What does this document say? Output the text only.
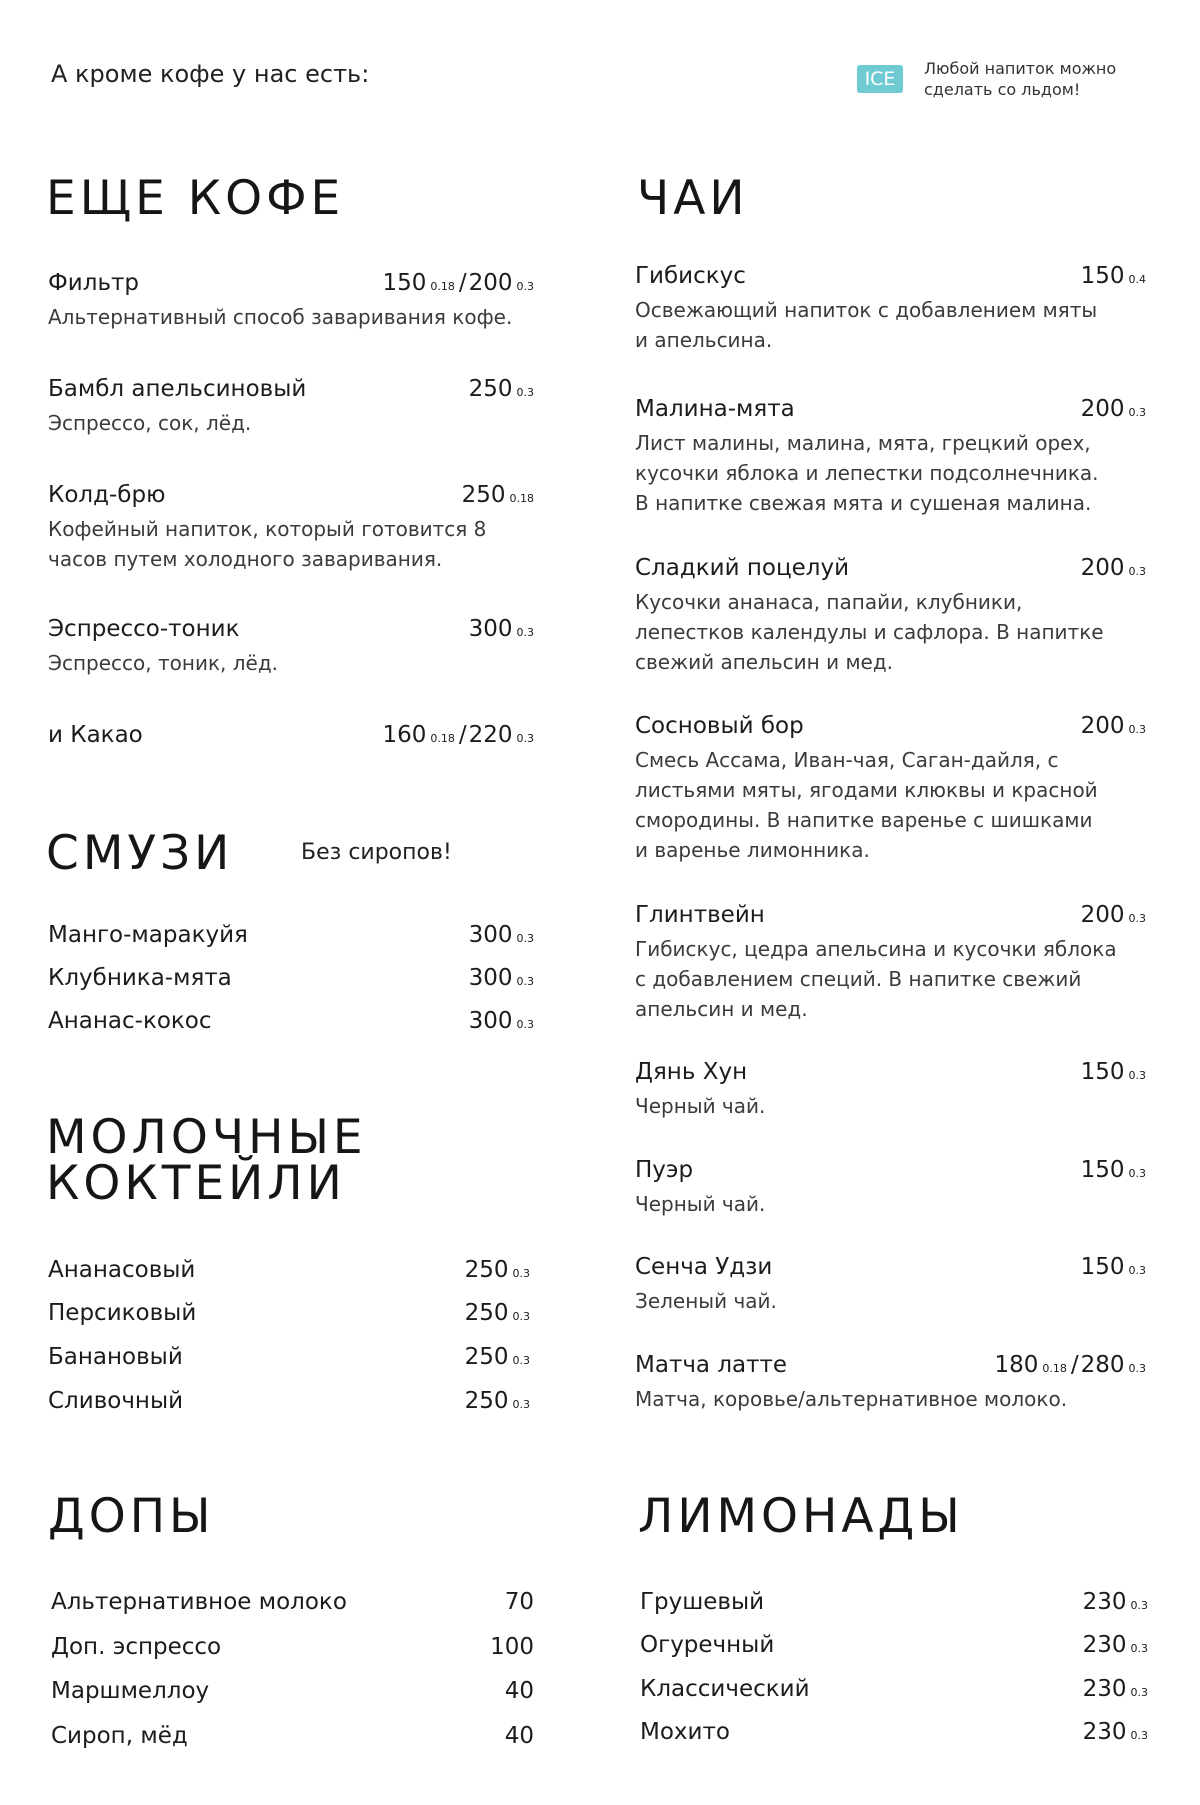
А кроме кофе у нас есть:	ICE	Любой напиток можно
сделать со льдом!
ЕЩЕ КОФЕ
СМУЗИ	Без сиропов!
МОЛОЧНЫЕ
КОКТЕЙЛИ
ДОПЫ
ЧАИ
ЛИМОНАДЫ
Фильтр	150 0.18 /200 0.3
Альтернативный способ заваривания кофе.
Бамбл апельсиновый	250 0.3
Эспрессо, сок, лёд.
Колд-брю	250 0.18
Кофейный напиток, который готовится 8
часов путем холодного заваривания.
Эспрессо-тоник	300 0.3
Эспрессо, тоник, лёд.
и Какао	160 0.18 /220 0.3
Манго-маракуйя	300 0.3
Клубника-мята	300 0.3
Ананас-кокос	300 0.3
Ананасовый	250 0.3
Персиковый	250 0.3
Банановый	250 0.3
Сливочный	250 0.3
Альтернативное молоко	70
Доп. эспрессо	100
Маршмеллоу	40
Сироп, мёд	40
Гибискус	150 0.4
Освежающий напиток с добавлением мяты
и апельсина.
Малина-мята	200 0.3
Лист малины, малина, мята, грецкий орех,
кусочки яблока и лепестки подсолнечника.
В напитке свежая мята и сушеная малина.
Сладкий поцелуй	200 0.3
Кусочки ананаса, папайи, клубники,
лепестков календулы и сафлора. В напитке
свежий апельсин и мед.
Сосновый бор	200 0.3
Смесь Ассама, Иван-чая, Саган-дайля, с
листьями мяты, ягодами клюквы и красной
смородины. В напитке варенье с шишками
и варенье лимонника.
Глинтвейн	200 0.3
Гибискус, цедра апельсина и кусочки яблока
с добавлением специй. В напитке свежий
апельсин и мед.
Дянь Хун	150 0.3
Черный чай.
Пуэр	150 0.3
Черный чай.
Сенча Удзи	150 0.3
Зеленый чай.
Матча латте	180 0.18 /280 0.3
Матча, коровье/альтернативное молоко.
Грушевый	230 0.3
Огуречный	230 0.3
Классический	230 0.3
Мохито	230 0.3
